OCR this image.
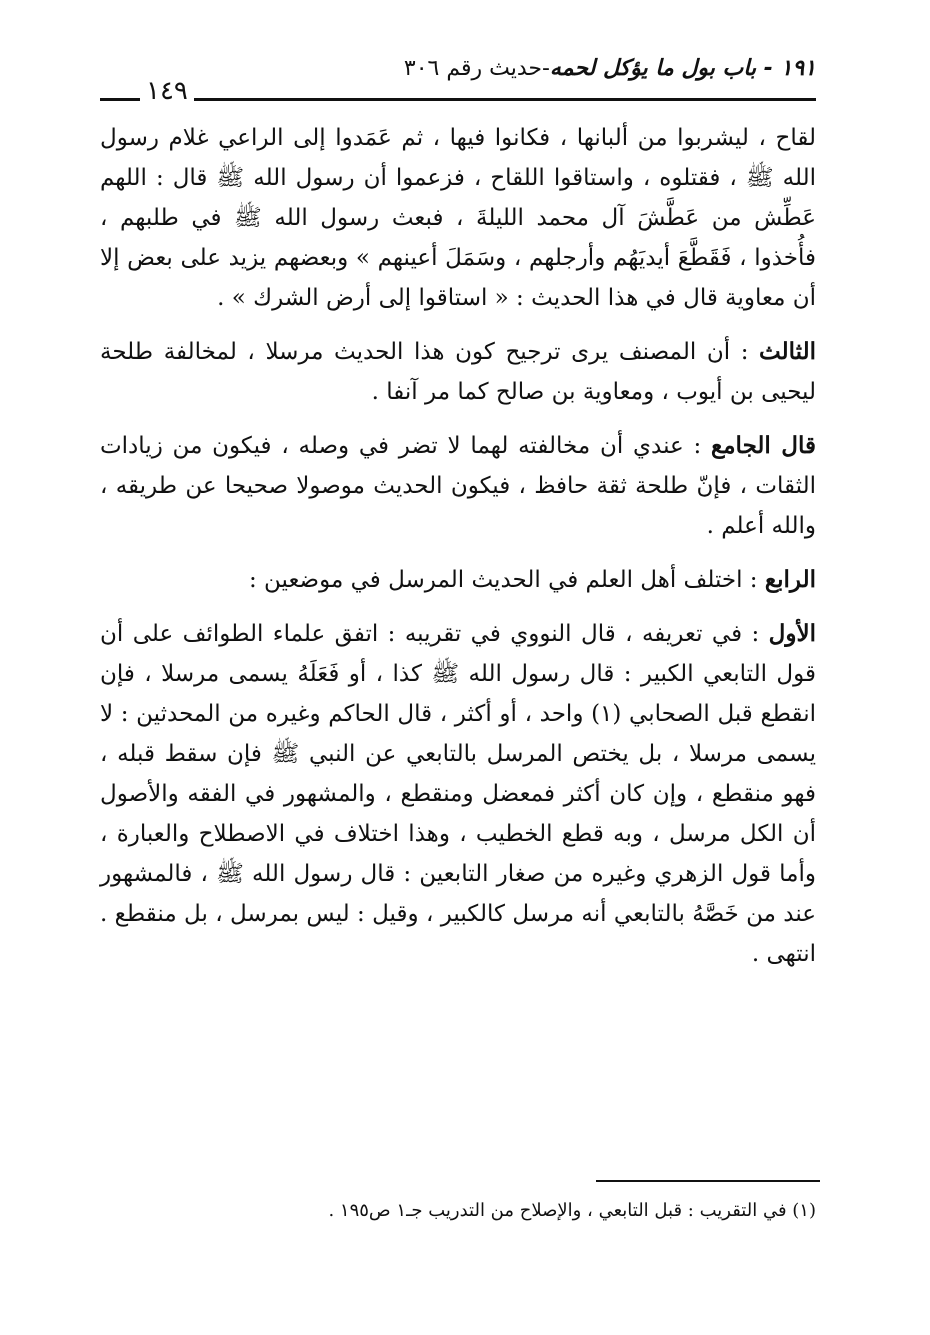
١٩١ - باب بول ما يؤكل لحمه-حديث رقم ٣٠٦
١٤٩

لقاح ، ليشربوا من ألبانها ، فكانوا فيها ، ثم عَمَدوا إلى الراعي غلام رسول الله ﷺ ، فقتلوه ، واستاقوا اللقاح ، فزعموا أن رسول الله ﷺ قال : اللهم عَطِّش من عَطَّشَ آل محمد الليلةَ ، فبعث رسول الله ﷺ في طلبهم ، فأُخذوا ، فَقَطَّعَ أيديَهُم وأرجلهم ، وسَمَلَ أعينهم » وبعضهم يزيد على بعض إلا أن معاوية قال في هذا الحديث : « استاقوا إلى أرض الشرك » .

الثالث : أن المصنف يرى ترجيح كون هذا الحديث مرسلا ، لمخالفة طلحة ليحيى بن أيوب ، ومعاوية بن صالح كما مر آنفا .

قال الجامع : عندي أن مخالفته لهما لا تضر في وصله ، فيكون من زيادات الثقات ، فإنّ طلحة ثقة حافظ ، فيكون الحديث موصولا صحيحا عن طريقه ، والله أعلم .

الرابع : اختلف أهل العلم في الحديث المرسل في موضعين :

الأول : في تعريفه ، قال النووي في تقريبه : اتفق علماء الطوائف على أن قول التابعي الكبير : قال رسول الله ﷺ كذا ، أو فَعَلَهُ يسمى مرسلا ، فإن انقطع قبل الصحابي (١) واحد ، أو أكثر ، قال الحاكم وغيره من المحدثين : لا يسمى مرسلا ، بل يختص المرسل بالتابعي عن النبي ﷺ فإن سقط قبله ، فهو منقطع ، وإن كان أكثر فمعضل ومنقطع ، والمشهور في الفقه والأصول أن الكل مرسل ، وبه قطع الخطيب ، وهذا اختلاف في الاصطلاح والعبارة ، وأما قول الزهري وغيره من صغار التابعين : قال رسول الله ﷺ ، فالمشهور عند من خَصَّهُ بالتابعي أنه مرسل كالكبير ، وقيل : ليس بمرسل ، بل منقطع . انتهى .

(١) في التقريب : قبل التابعي ، والإصلاح من التدريب جـ١ ص١٩٥ .
